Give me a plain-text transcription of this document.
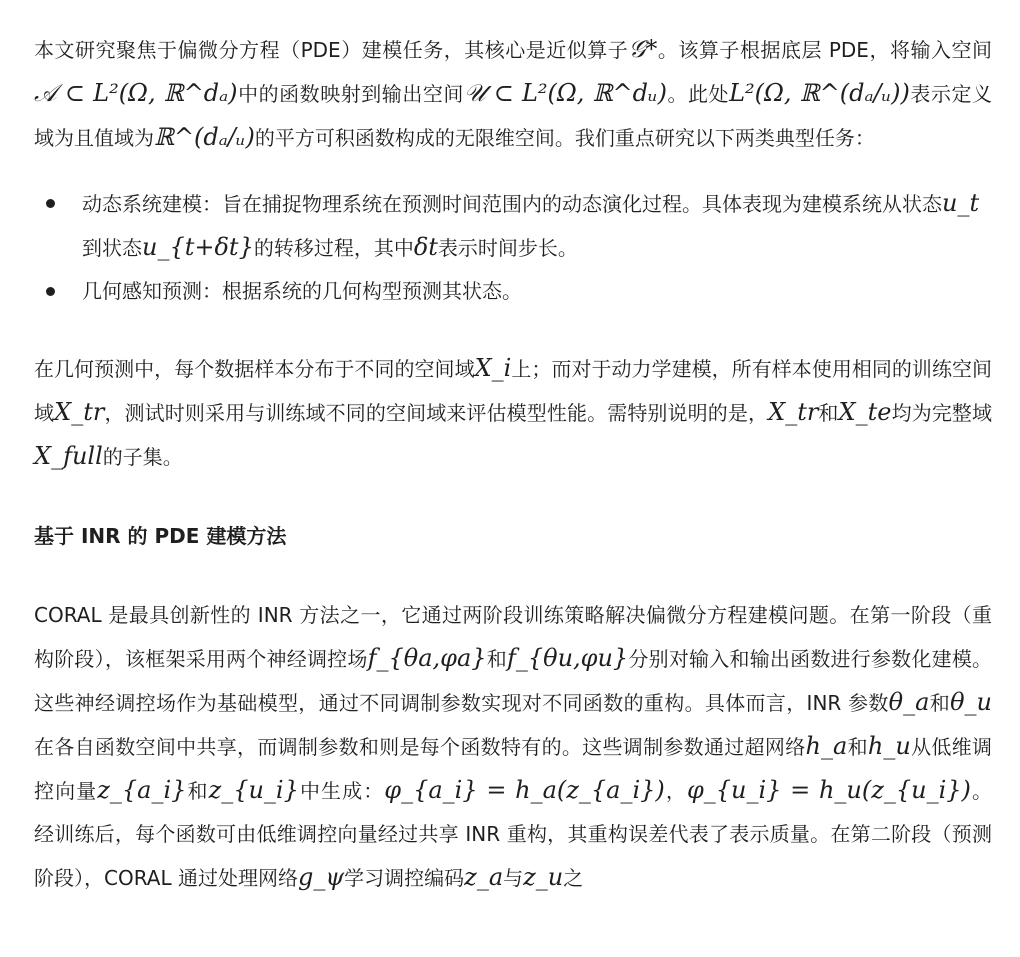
本文研究聚焦于偏微分方程（PDE）建模任务，其核心是近似算子𝒢*。该算子根据底层 PDE，将输入空间𝒜 ⊂ L²(Ω, ℝ^dₐ)中的函数映射到输出空间𝒰 ⊂ L²(Ω, ℝ^dᵤ)。此处L²(Ω, ℝ^(dₐ/ᵤ))表示定义域为且值域为ℝ^(dₐ/ᵤ)的平方可积函数构成的无限维空间。我们重点研究以下两类典型任务：

动态系统建模：旨在捕捉物理系统在预测时间范围内的动态演化过程。具体表现为建模系统从状态u_t到状态u_{t+δt}的转移过程，其中δt表示时间步长。
几何感知预测：根据系统的几何构型预测其状态。

在几何预测中，每个数据样本分布于不同的空间域X_i上；而对于动力学建模，所有样本使用相同的训练空间域X_tr，测试时则采用与训练域不同的空间域来评估模型性能。需特别说明的是，X_tr和X_te均为完整域X_full的子集。

基于 INR 的 PDE 建模方法

CORAL 是最具创新性的 INR 方法之一，它通过两阶段训练策略解决偏微分方程建模问题。在第一阶段（重构阶段），该框架采用两个神经调控场f_{θa,φa}和f_{θu,φu}分别对输入和输出函数进行参数化建模。这些神经调控场作为基础模型，通过不同调制参数实现对不同函数的重构。具体而言，INR 参数θ_a和θ_u在各自函数空间中共享，而调制参数和则是每个函数特有的。这些调制参数通过超网络h_a和h_u从低维调控向量z_{a_i}和z_{u_i}中生成：φ_{a_i} = h_a(z_{a_i})，φ_{u_i} = h_u(z_{u_i})。经训练后，每个函数可由低维调控向量经过共享 INR 重构，其重构误差代表了表示质量。在第二阶段（预测阶段），CORAL 通过处理网络g_ψ学习调控编码z_a与z_u之
